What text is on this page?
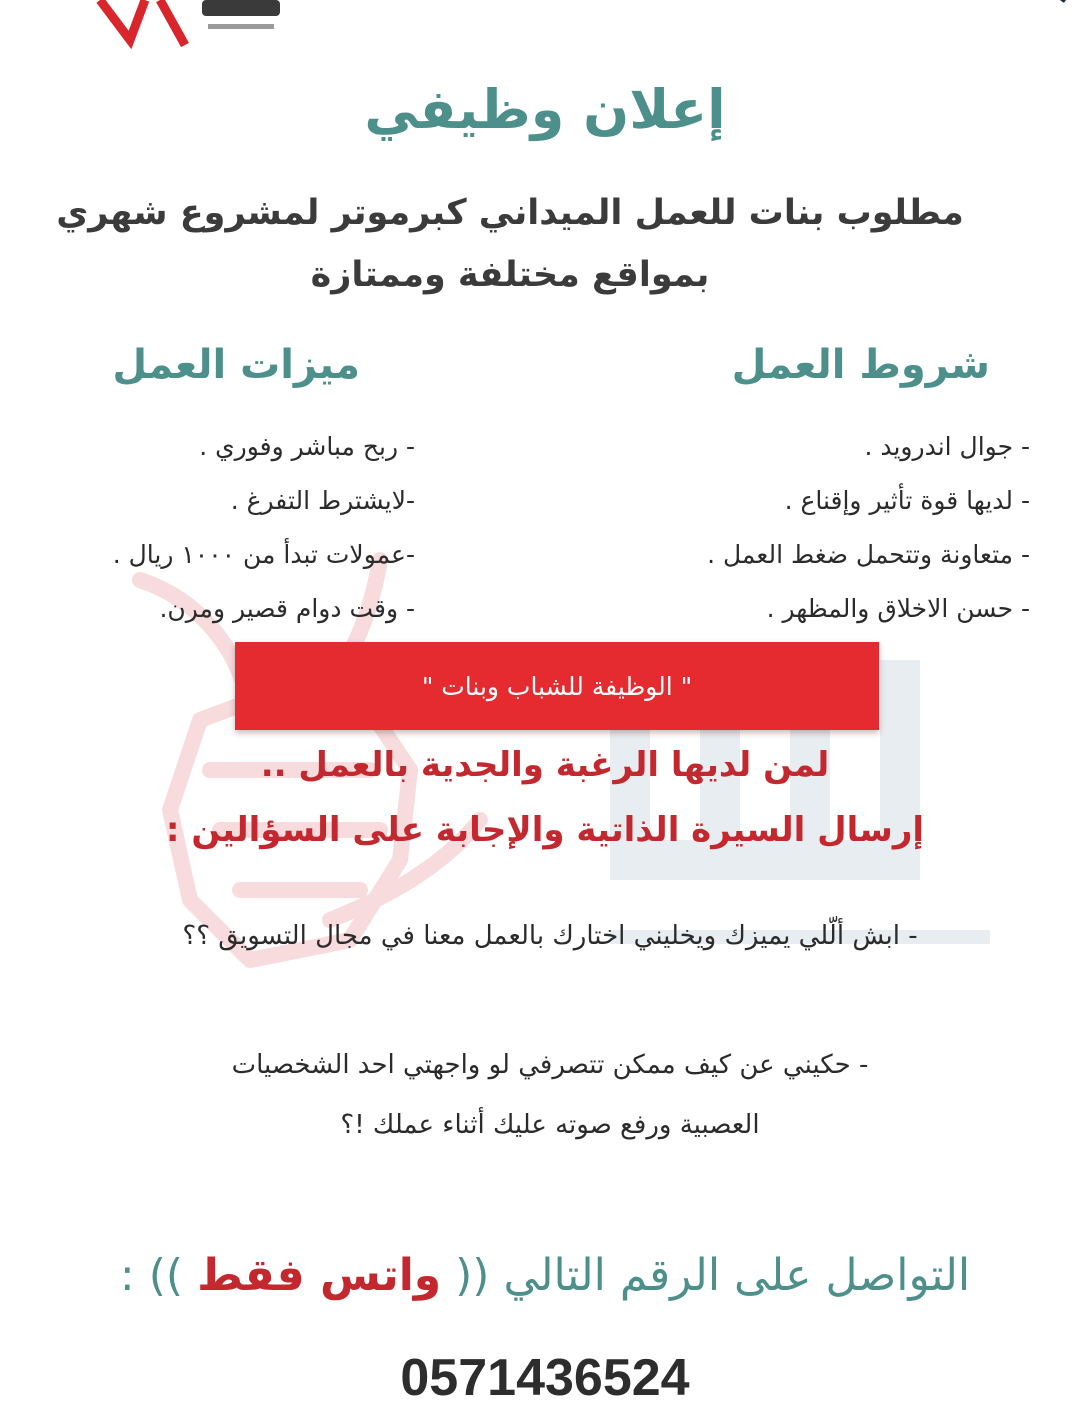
إعلان وظيفي
مطلوب بنات للعمل الميداني كبرموتر لمشروع شهري
بمواقع مختلفة وممتازة
شروط العمل
- جوال اندرويد .
- لديها قوة تأثير وإقناع .
- متعاونة وتتحمل ضغط العمل .
- حسن الاخلاق والمظهر .
ميزات العمل
- ربح مباشر وفوري .
-لايشترط التفرغ .
-عمولات تبدأ من ١٠٠٠ ريال .
- وقت دوام قصير ومرن.
" الوظيفة للشباب وبنات "

لمن لديها الرغبة والجدية بالعمل ..

إرسال السيرة الذاتية والإجابة على السؤالين :

- ابش ألّلي يميزك ويخليني اختارك بالعمل معنا في مجال التسويق ؟؟

- حكيني عن كيف ممكن تتصرفي لو واجهتي احد الشخصيات
العصبية ورفع صوته عليك أثناء عملك !؟

التواصل على الرقم التالي (( واتس فقط )) :

0571436524
